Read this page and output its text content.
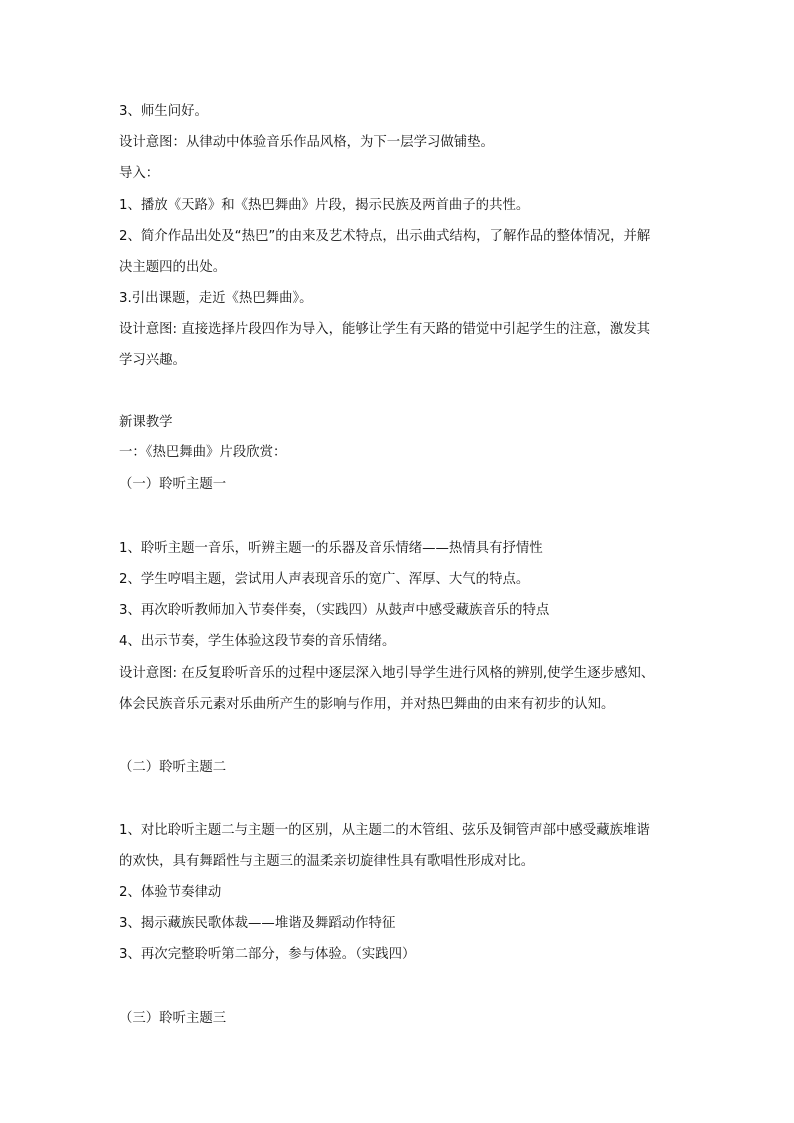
3、师生问好。
设计意图：从律动中体验音乐作品风格，为下一层学习做铺垫。
导入：
1、播放《天路》和《热巴舞曲》片段，揭示民族及两首曲子的共性。
2、简介作品出处及“热巴”的由来及艺术特点，出示曲式结构，了解作品的整体情况，并解
决主题四的出处。
3.引出课题，走近《热巴舞曲》。
设计意图: 直接选择片段四作为导入，能够让学生有天路的错觉中引起学生的注意，激发其
学习兴趣。
新课教学
一：《热巴舞曲》片段欣赏：
（一）聆听主题一
1、聆听主题一音乐，听辨主题一的乐器及音乐情绪——热情具有抒情性
2、学生哼唱主题，尝试用人声表现音乐的宽广、浑厚、大气的特点。
3、再次聆听教师加入节奏伴奏，（实践四）从鼓声中感受藏族音乐的特点
4、出示节奏，学生体验这段节奏的音乐情绪。
设计意图: 在反复聆听音乐的过程中逐层深入地引导学生进行风格的辨别,使学生逐步感知、
体会民族音乐元素对乐曲所产生的影响与作用，并对热巴舞曲的由来有初步的认知。
（二）聆听主题二
1、对比聆听主题二与主题一的区别，从主题二的木管组、弦乐及铜管声部中感受藏族堆谐
的欢快，具有舞蹈性与主题三的温柔亲切旋律性具有歌唱性形成对比。
2、体验节奏律动
3、揭示藏族民歌体裁——堆谐及舞蹈动作特征
3、再次完整聆听第二部分，参与体验。（实践四）
（三）聆听主题三
